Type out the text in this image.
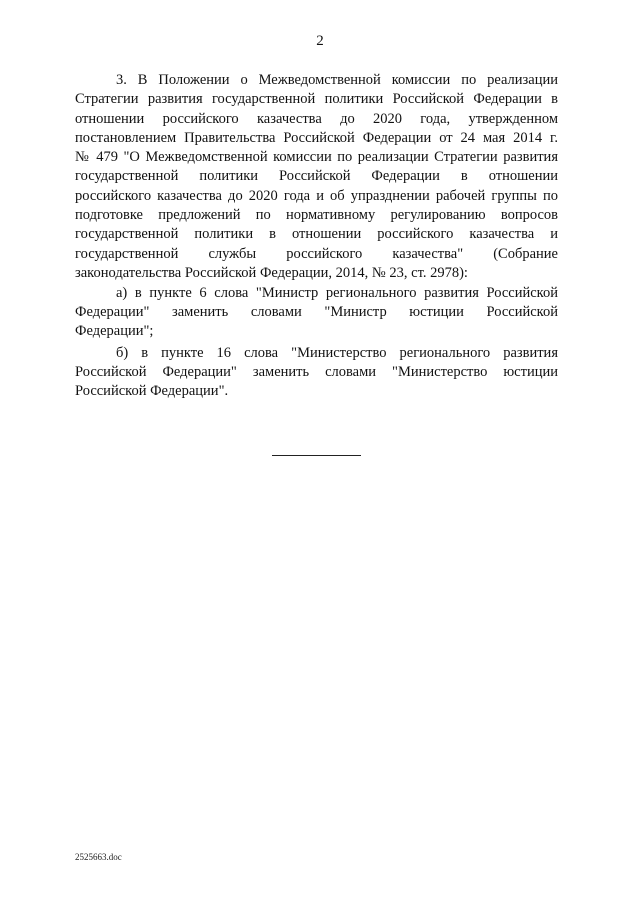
2
3. В Положении о Межведомственной комиссии по реализации
Стратегии развития государственной политики Российской Федерации в
отношении российского казачества до 2020 года, утвержденном
постановлением Правительства Российской Федерации от 24 мая 2014 г.
№ 479 "О Межведомственной комиссии по реализации Стратегии развития
государственной политики Российской Федерации в отношении
российского казачества до 2020 года и об упразднении рабочей группы по
подготовке предложений по нормативному регулированию вопросов
государственной политики в отношении российского казачества и
государственной службы российского казачества" (Собрание
законодательства Российской Федерации, 2014, № 23, ст. 2978):
а) в пункте 6 слова "Министр регионального развития Российской
Федерации" заменить словами "Министр юстиции Российской
Федерации";
б) в пункте 16 слова "Министерство регионального развития
Российской Федерации" заменить словами "Министерство юстиции
Российской Федерации".
2525663.doc
